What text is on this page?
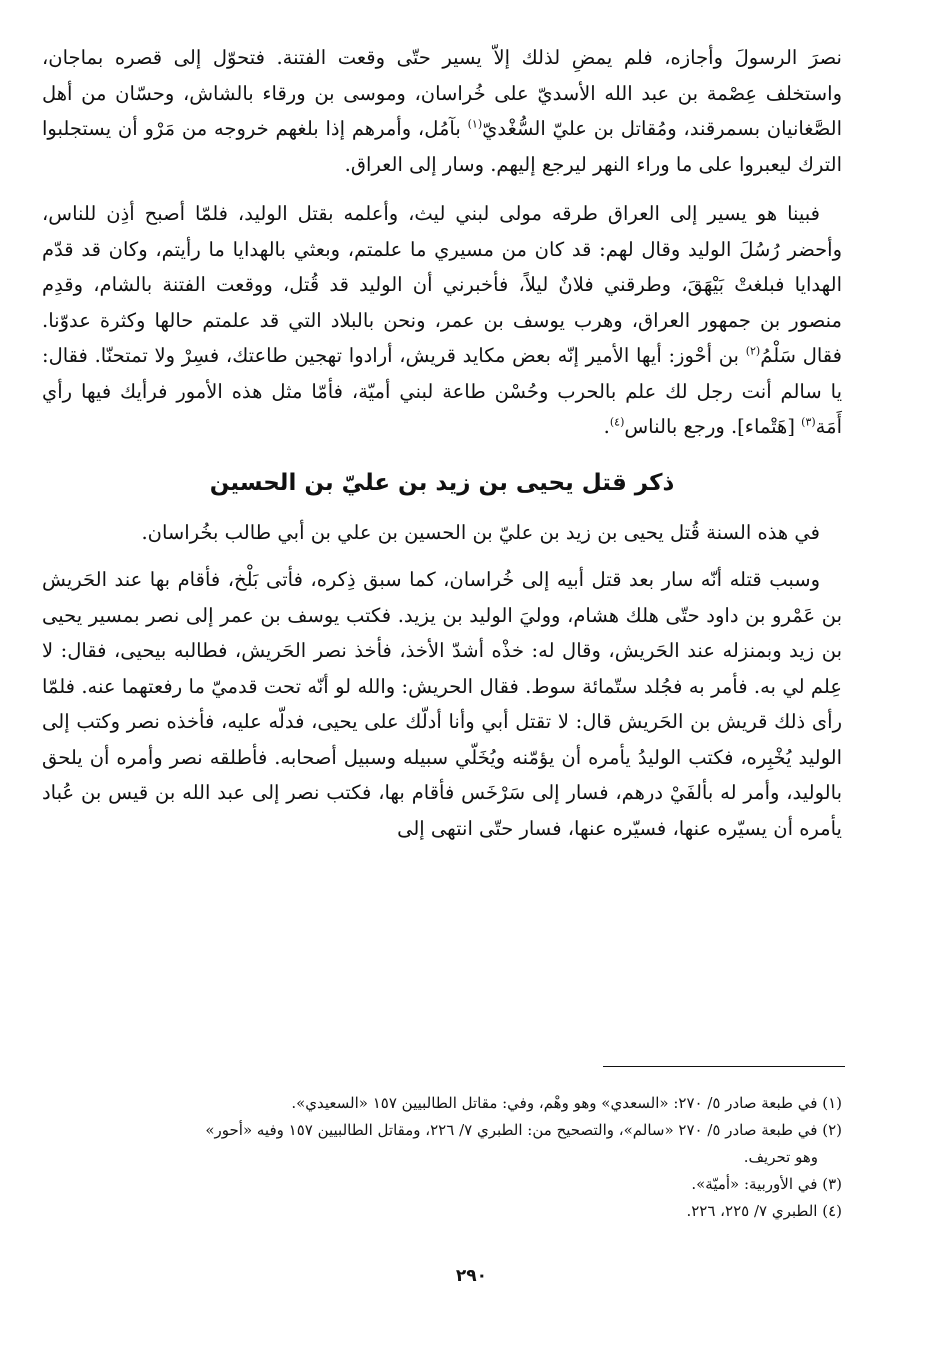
نصرَ الرسولَ وأجازه، فلم يمضِ لذلك إلاّ يسير حتّى وقعت الفتنة. فتحوّل إلى قصره بماجان، واستخلف عِصْمة بن عبد الله الأسديّ على خُراسان، وموسى بن ورقاء بالشاش، وحسّان من أهل الصَّغانيان بسمرقند، ومُقاتل بن عليّ السُّغْديّ$^{(١)}$ بآمُل، وأمرهم إذا بلغهم خروجه من مَرْو أن يستجلبوا الترك ليعبروا على ما وراء النهر ليرجع إليهم. وسار إلى العراق.

فبينا هو يسير إلى العراق طرقه مولى لبني ليث، وأعلمه بقتل الوليد، فلمّا أصبح أذِن للناس، وأحضر رُسُلَ الوليد وقال لهم: قد كان من مسيري ما علمتم، وبعثي بالهدايا ما رأيتم، وكان قد قدّم الهدايا فبلغتْ بَيْهَقَ، وطرقني فلانٌ ليلاً، فأخبرني أن الوليد قد قُتل، ووقعت الفتنة بالشام، وقدِم منصور بن جمهور العراق، وهرب يوسف بن عمر، ونحن بالبلاد التي قد علمتم حالها وكثرة عدوّنا. فقال سَلْمُ$^{(٢)}$ بن أحْوز: أيها الأمير إنّه بعض مكايد قريش، أرادوا تهجين طاعتك، فسِرْ ولا تمتحنّا. فقال: يا سالم أنت رجل لك علم بالحرب وحُسْن طاعة لبني أميّة، فأمّا مثل هذه الأمور فرأيك فيها رأي أَمَة$^{(٣)}$ [هَتْماء]. ورجع بالناس$^{(٤)}$.

ذكر قتل يحيى بن زيد بن عليّ بن الحسين

في هذه السنة قُتل يحيى بن زيد بن عليّ بن الحسين بن علي بن أبي طالب بخُراسان.

وسبب قتله أنّه سار بعد قتل أبيه إلى خُراسان، كما سبق ذِكره، فأتى بَلْخ، فأقام بها عند الحَريش بن عَمْرو بن داود حتّى هلك هشام، ووليَ الوليد بن يزيد. فكتب يوسف بن عمر إلى نصر بمسير يحيى بن زيد وبمنزله عند الحَريش، وقال له: خذْه أشدّ الأخذ، فأخذ نصر الحَريش، فطالبه بيحيى، فقال: لا عِلم لي به. فأمر به فجُلد ستّمائة سوط. فقال الحريش: والله لو أنّه تحت قدميّ ما رفعتهما عنه. فلمّا رأى ذلك قريش بن الحَريش قال: لا تقتل أبي وأنا أدلّك على يحيى، فدلّه عليه، فأخذه نصر وكتب إلى الوليد يُخْبِره، فكتب الوليدُ يأمره أن يؤمّنه ويُخَلّي سبيله وسبيل أصحابه. فأطلقه نصر وأمره أن يلحق بالوليد، وأمر له بألفَيْ درهم، فسار إلى سَرْخَس فأقام بها، فكتب نصر إلى عبد الله بن قيس بن عُباد يأمره أن يسيّره عنها، فسيّره عنها، فسار حتّى انتهى إلى

(١) في طبعة صادر ٥/ ٢٧٠: «السعدي» وهو وهْم، وفي: مقاتل الطالبيين ١٥٧ «السعيدي».

(٢) في طبعة صادر ٥/ ٢٧٠ «سالم»، والتصحيح من: الطبري ٧/ ٢٢٦، ومقاتل الطالبيين ١٥٧ وفيه «أحور»

وهو تحريف.

(٣) في الأوربية: «أميّة».

(٤) الطبري ٧/ ٢٢٥، ٢٢٦.

٢٩٠
